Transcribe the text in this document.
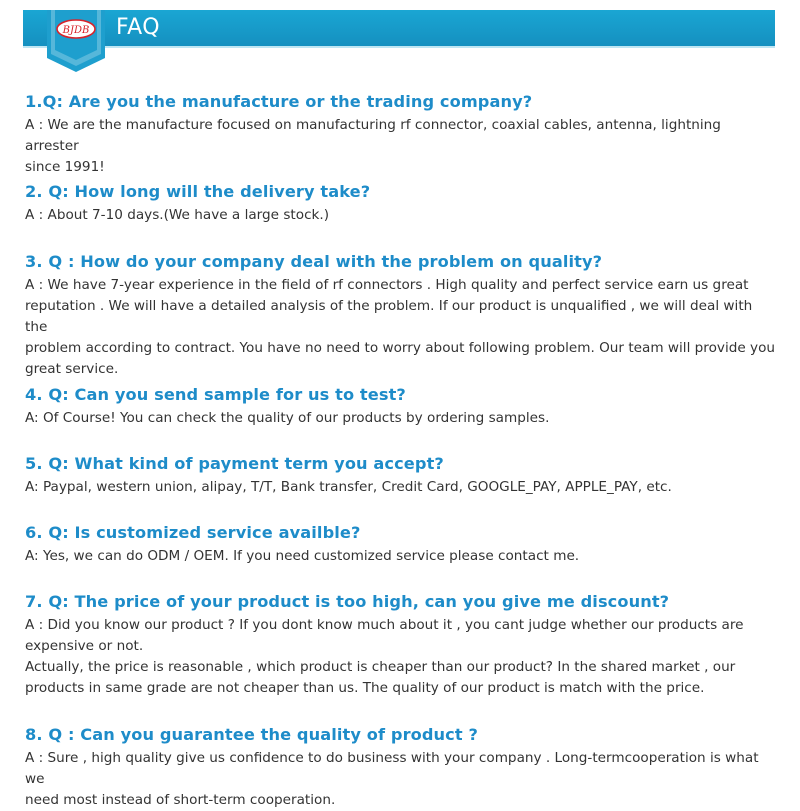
BJDB FAQ

1.Q: Are you the manufacture or the trading company?

A : We are the manufacture focused on manufacturing rf connector, coaxial cables, antenna, lightning arrester
since 1991!

2. Q: How long will the delivery take?

A : About 7-10 days.(We have a large stock.)

3. Q : How do your company deal with the problem on quality?

A : We have 7-year experience in the field of rf connectors . High quality and perfect service earn us great
reputation . We will have a detailed analysis of the problem. If our product is unqualified , we will deal with the
problem according to contract. You have no need to worry about following problem. Our team will provide you
great service.

4. Q: Can you send sample for us to test?

A: Of Course! You can check the quality of our products by ordering samples.

5. Q: What kind of payment term you accept?

A: Paypal, western union, alipay, T/T, Bank transfer, Credit Card, GOOGLE_PAY, APPLE_PAY, etc.

6. Q: Is customized service availble?

A: Yes, we can do ODM / OEM. If you need customized service please contact me.

7. Q: The price of your product is too high, can you give me discount?

A : Did you know our product ? If you dont know much about it , you cant judge whether our products are
expensive or not.
Actually, the price is reasonable , which product is cheaper than our product? In the shared market , our
products in same grade are not cheaper than us. The quality of our product is match with the price.

8. Q : Can you guarantee the quality of product ?

A : Sure , high quality give us confidence to do business with your company . Long-termcooperation is what we
need most instead of short-term cooperation.
